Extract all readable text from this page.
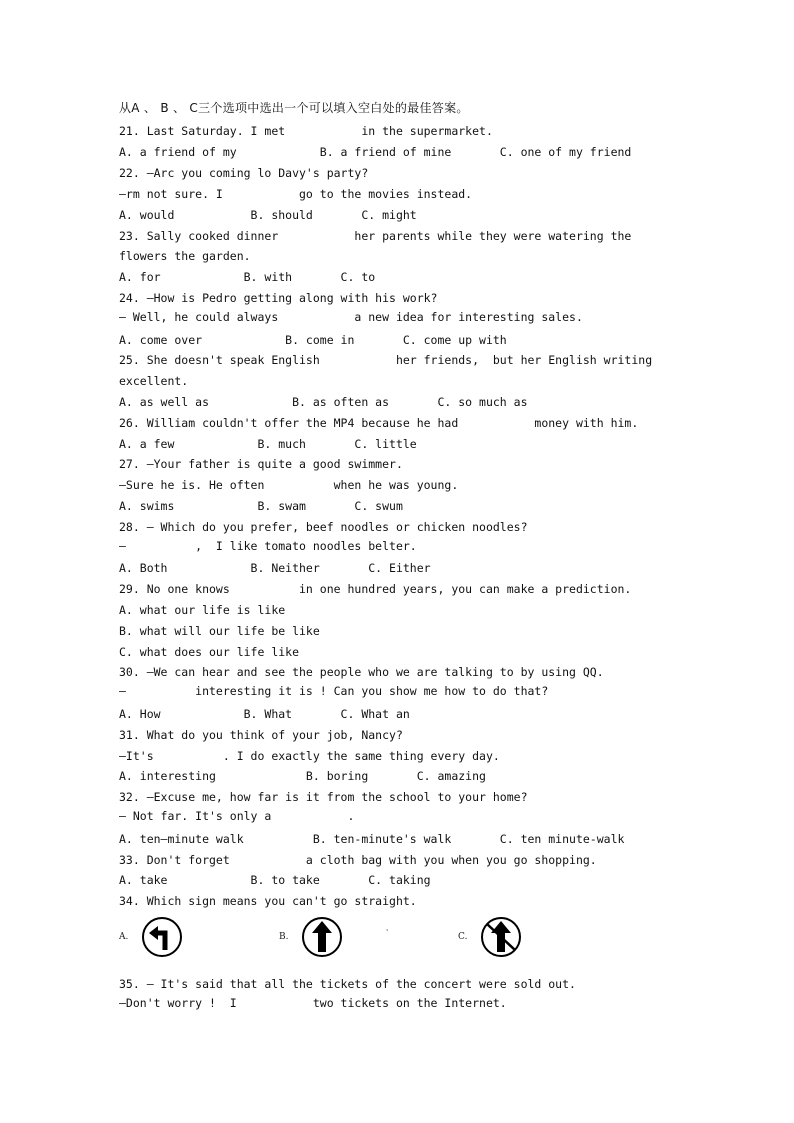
从A 、 B 、 C三个选项中选出一个可以填入空白处的最佳答案。
21. Last Saturday. I met           in the supermarket.
A. a friend of my            B. a friend of mine       C. one of my friend
22. —Arc you coming lo Davy's party?
—rm not sure. I           go to the movies instead.
A. would           B. should       C. might
23. Sally cooked dinner           her parents while they were watering the
flowers the garden.
A. for            B. with       C. to
24. —How is Pedro getting along with his work?
— Well, he could always           a new idea for interesting sales.
A. come over            B. come in       C. come up with
25. She doesn't speak English           her friends,  but her English writing
excellent.
A. as well as            B. as often as       C. so much as
26. William couldn't offer the MP4 because he had           money with him.
A. a few            B. much       C. little
27. —Your father is quite a good swimmer.
—Sure he is. He often          when he was young.
A. swims            B. swam       C. swum
28. — Which do you prefer, beef noodles or chicken noodles?
—          ,  I like tomato noodles belter.
A. Both            B. Neither       C. Either
29. No one knows          in one hundred years, you can make a prediction.
A. what our life is like
B. what will our life be like
C. what does our life like
30. —We can hear and see the people who we are talking to by using QQ.
—          interesting it is ! Can you show me how to do that?
A. How            B. What       C. What an
31. What do you think of your job, Nancy?
—It's          . I do exactly the same thing every day.
A. interesting             B. boring       C. amazing
32. —Excuse me, how far is it from the school to your home?
— Not far. It's only a           .
A. ten—minute walk          B. ten-minute's walk       C. ten minute-walk
33. Don't forget           a cloth bag with you when you go shopping.
A. take            B. to take       C. taking
34. Which sign means you can't go straight.
A.	B.	C.
'
35. — It's said that all the tickets of the concert were sold out.
—Don't worry !  I           two tickets on the Internet.
